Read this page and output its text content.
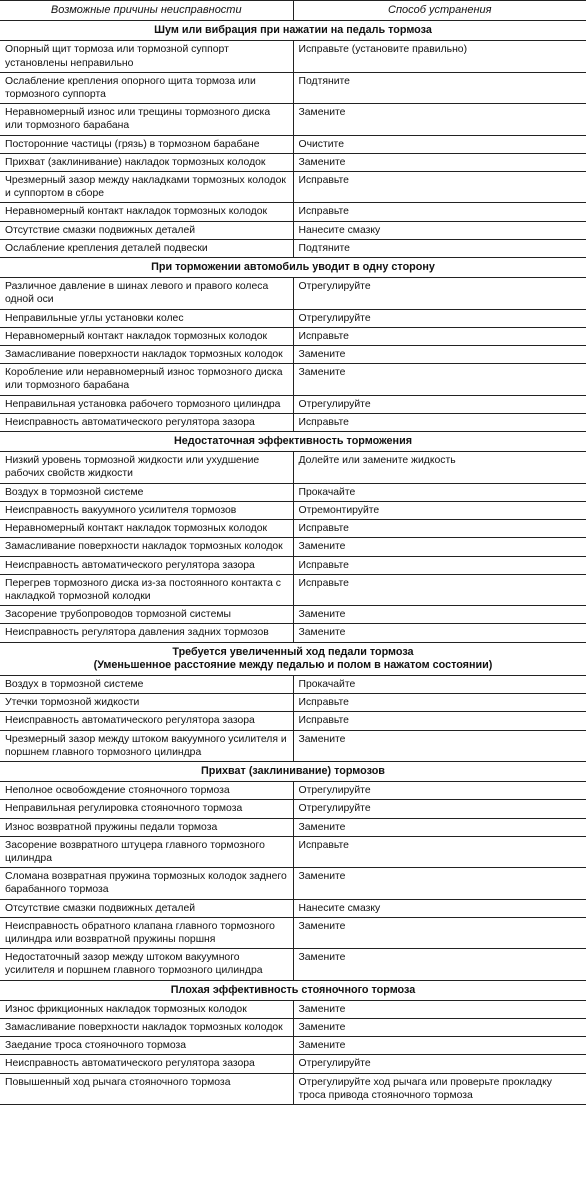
Возможные причины неисправности	Способ устранения

Шум или вибрация при нажатии на педаль тормоза	

Опорный щит тормоза или тормозной суппорт установлены неправильно	Исправьте (установите правильно)
Ослабление крепления опорного щита тормоза или тормозного суппорта	Подтяните
Неравномерный износ или трещины тормозного диска или тормозного барабана	Замените
Посторонние частицы (грязь) в тормозном барабане	Очистите
Прихват (заклинивание) накладок тормозных колодок	Замените
Чрезмерный зазор между накладками тормозных колодок и суппортом в сборе	Исправьте
Неравномерный контакт накладок тормозных колодок	Исправьте
Отсутствие смазки подвижных деталей	Нанесите смазку
Ослабление крепления деталей подвески	Подтяните

При торможении автомобиль уводит в одну сторону	

Различное давление в шинах левого и правого колеса одной оси	Отрегулируйте
Неправильные углы установки колес	Отрегулируйте
Неравномерный контакт накладок тормозных колодок	Исправьте
Замасливание поверхности накладок тормозных колодок	Замените
Коробление или неравномерный износ тормозного диска или тормозного барабана	Замените
Неправильная установка рабочего тормозного цилиндра	Отрегулируйте
Неисправность автоматического регулятора зазора	Исправьте

Недостаточная эффективность торможения	

Низкий уровень тормозной жидкости или ухудшение рабочих свойств жидкости	Долейте или замените жидкость
Воздух в тормозной системе	Прокачайте
Неисправность вакуумного усилителя тормозов	Отремонтируйте
Неравномерный контакт накладок тормозных колодок	Исправьте
Замасливание поверхности накладок тормозных колодок	Замените
Неисправность автоматического регулятора зазора	Исправьте
Перегрев тормозного диска из-за постоянного контакта с накладкой тормозной колодки	Исправьте
Засорение трубопроводов тормозной системы	Замените
Неисправность регулятора давления задних тормозов	Замените

Требуется увеличенный ход педали тормоза
(Уменьшенное расстояние между педалью и полом в нажатом состоянии)	

Воздух в тормозной системе	Прокачайте
Утечки тормозной жидкости	Исправьте
Неисправность автоматического регулятора зазора	Исправьте
Чрезмерный зазор между штоком вакуумного усилителя и поршнем главного тормозного цилиндра	Замените

Прихват (заклинивание) тормозов	

Неполное освобождение стояночного тормоза	Отрегулируйте
Неправильная регулировка стояночного тормоза	Отрегулируйте
Износ возвратной пружины педали тормоза	Замените
Засорение возвратного штуцера главного тормозного цилиндра	Исправьте
Сломана возвратная пружина тормозных колодок заднего барабанного тормоза	Замените
Отсутствие смазки подвижных деталей	Нанесите смазку
Неисправность обратного клапана главного тормозного цилиндра или возвратной пружины поршня	Замените
Недостаточный зазор между штоком вакуумного усилителя и поршнем главного тормозного цилиндра	Замените

Плохая эффективность стояночного тормоза	

Износ фрикционных накладок тормозных колодок	Замените
Замасливание поверхности накладок тормозных колодок	Замените
Заедание троса стояночного тормоза	Замените
Неисправность автоматического регулятора зазора	Отрегулируйте
Повышенный ход рычага стояночного тормоза	Отрегулируйте ход рычага или проверьте прокладку троса привода стояночного тормоза
